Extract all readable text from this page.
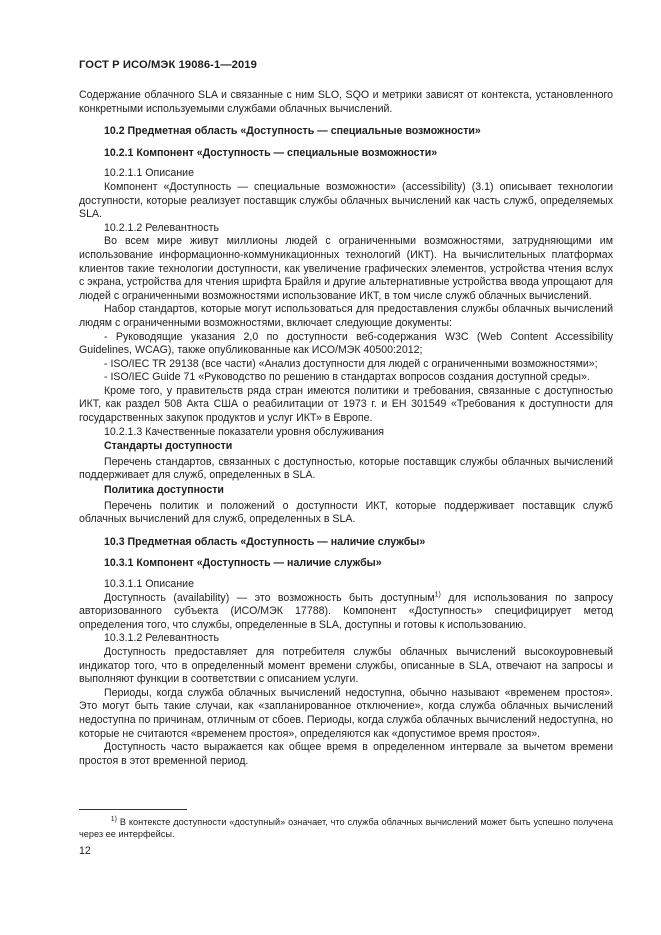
ГОСТ Р ИСО/МЭК 19086-1—2019

Содержание облачного SLA и связанные с ним SLO, SQO и метрики зависят от контекста, установленного конкретными используемыми службами облачных вычислений.

10.2 Предметная область «Доступность — специальные возможности»

10.2.1 Компонент «Доступность — специальные возможности»

10.2.1.1 Описание

Компонент «Доступность — специальные возможности» (accessibility) (3.1) описывает технологии доступности, которые реализует поставщик службы облачных вычислений как часть служб, определяемых SLA.

10.2.1.2 Релевантность

Во всем мире живут миллионы людей с ограниченными возможностями, затрудняющими им использование информационно-коммуникационных технологий (ИКТ). На вычислительных платформах клиентов такие технологии доступности, как увеличение графических элементов, устройства чтения вслух с экрана, устройства для чтения шрифта Брайля и другие альтернативные устройства ввода упрощают для людей с ограниченными возможностями использование ИКТ, в том числе служб облачных вычислений.

Набор стандартов, которые могут использоваться для предоставления службы облачных вычислений людям с ограниченными возможностями, включает следующие документы:

- Руководящие указания 2,0 по доступности веб-содержания W3C (Web Content Accessibility Guidelines, WCAG), также опубликованные как ИСО/МЭК 40500:2012;

- ISO/IEC TR 29138 (все части) «Анализ доступности для людей с ограниченными возможностями»;

- ISO/IEC Guide 71 «Руководство по решению в стандартах вопросов создания доступной среды».

Кроме того, у правительств ряда стран имеются политики и требования, связанные с доступностью ИКТ, как раздел 508 Акта США о реабилитации от 1973 г. и ЕН 301549 «Требования к доступности для государственных закупок продуктов и услуг ИКТ» в Европе.

10.2.1.3 Качественные показатели уровня обслуживания

Стандарты доступности

Перечень стандартов, связанных с доступностью, которые поставщик службы облачных вычислений поддерживает для служб, определенных в SLA.

Политика доступности

Перечень политик и положений о доступности ИКТ, которые поддерживает поставщик служб облачных вычислений для служб, определенных в SLA.

10.3 Предметная область «Доступность — наличие службы»

10.3.1 Компонент «Доступность — наличие службы»

10.3.1.1 Описание

Доступность (availability) — это возможность быть доступным$^{1)}$ для использования по запросу авторизованного субъекта (ИСО/МЭК 17788). Компонент «Доступность» специфицирует метод определения того, что службы, определенные в SLA, доступны и готовы к использованию.

10.3.1.2 Релевантность

Доступность предоставляет для потребителя службы облачных вычислений высокоуровневый индикатор того, что в определенный момент времени службы, описанные в SLA, отвечают на запросы и выполняют функции в соответствии с описанием услуги.

Периоды, когда служба облачных вычислений недоступна, обычно называют «временем простоя». Это могут быть такие случаи, как «запланированное отключение», когда служба облачных вычислений недоступна по причинам, отличным от сбоев. Периоды, когда служба облачных вычислений недоступна, но которые не считаются «временем простоя», определяются как «допустимое время простоя».

Доступность часто выражается как общее время в определенном интервале за вычетом времени простоя в этот временной период.

$^{1)}$ В контексте доступности «доступный» означает, что служба облачных вычислений может быть успешно получена через ее интерфейсы.
12
